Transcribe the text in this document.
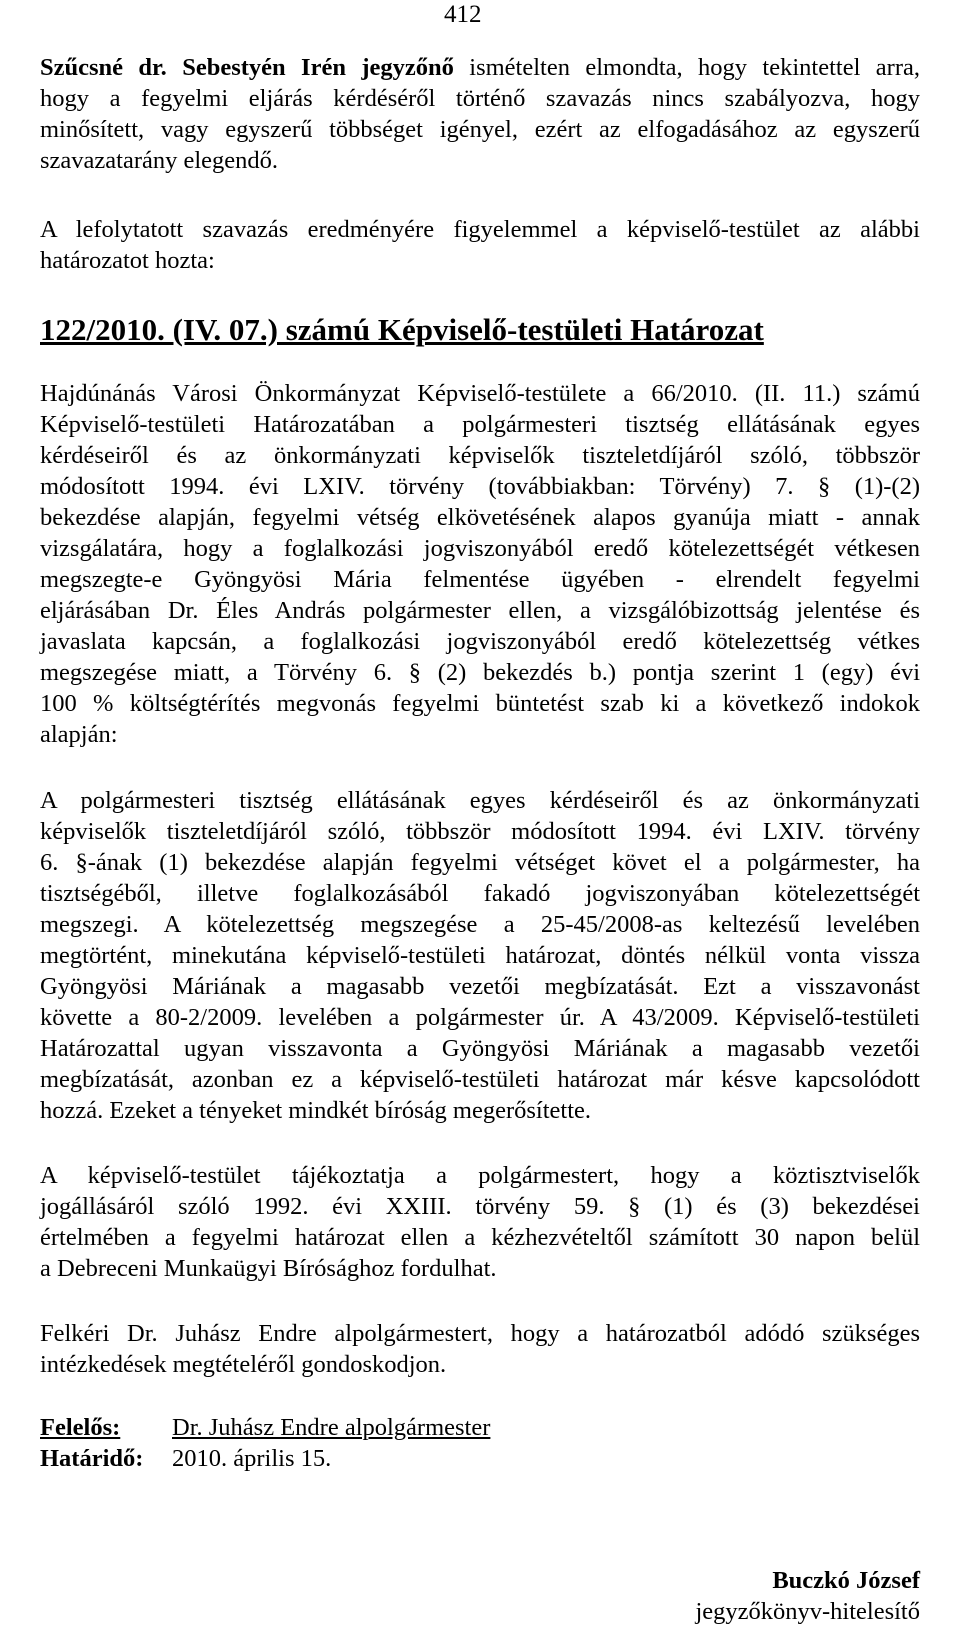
412
Szűcsné dr. Sebestyén Irén jegyzőnő ismételten elmondta, hogy tekintettel arra,
hogy a fegyelmi eljárás kérdéséről történő szavazás nincs szabályozva, hogy
minősített, vagy egyszerű többséget igényel, ezért az elfogadásához az egyszerű
szavazatarány elegendő.
A lefolytatott szavazás eredményére figyelemmel a képviselő-testület az alábbi
határozatot hozta:
122/2010. (IV. 07.) számú Képviselő-testületi Határozat
Hajdúnánás Városi Önkormányzat Képviselő-testülete a 66/2010. (II. 11.) számú
Képviselő-testületi Határozatában a polgármesteri tisztség ellátásának egyes
kérdéseiről és az önkormányzati képviselők tiszteletdíjáról szóló, többször
módosított 1994. évi LXIV. törvény (továbbiakban: Törvény) 7. § (1)-(2)
bekezdése alapján, fegyelmi vétség elkövetésének alapos gyanúja miatt - annak
vizsgálatára, hogy a foglalkozási jogviszonyából eredő kötelezettségét vétkesen
megszegte-e Gyöngyösi Mária felmentése ügyében - elrendelt fegyelmi
eljárásában Dr. Éles András polgármester ellen, a vizsgálóbizottság jelentése és
javaslata kapcsán, a foglalkozási jogviszonyából eredő kötelezettség vétkes
megszegése miatt, a Törvény 6. § (2) bekezdés b.) pontja szerint 1 (egy) évi
100 % költségtérítés megvonás fegyelmi büntetést szab ki a következő indokok
alapján:
A polgármesteri tisztség ellátásának egyes kérdéseiről és az önkormányzati
képviselők tiszteletdíjáról szóló, többször módosított 1994. évi LXIV. törvény
6. §-ának (1) bekezdése alapján fegyelmi vétséget követ el a polgármester, ha
tisztségéből, illetve foglalkozásából fakadó jogviszonyában kötelezettségét
megszegi. A kötelezettség megszegése a 25-45/2008-as keltezésű levelében
megtörtént, minekutána képviselő-testületi határozat, döntés nélkül vonta vissza
Gyöngyösi Máriának a magasabb vezetői megbízatását. Ezt a visszavonást
követte a 80-2/2009. levelében a polgármester úr. A 43/2009. Képviselő-testületi
Határozattal ugyan visszavonta a Gyöngyösi Máriának a magasabb vezetői
megbízatását, azonban ez a képviselő-testületi határozat már késve kapcsolódott
hozzá. Ezeket a tényeket mindkét bíróság megerősítette.
A képviselő-testület tájékoztatja a polgármestert, hogy a köztisztviselők
jogállásáról szóló 1992. évi XXIII. törvény 59. § (1) és (3) bekezdései
értelmében a fegyelmi határozat ellen a kézhezvételtől számított 30 napon belül
a Debreceni Munkaügyi Bírósághoz fordulhat.
Felkéri Dr. Juhász Endre alpolgármestert, hogy a határozatból adódó szükséges
intézkedések megtételéről gondoskodjon.
Felelős: Dr. Juhász Endre alpolgármester
Határidő: 2010. április 15.
Buczkó József
jegyzőkönyv-hitelesítő
